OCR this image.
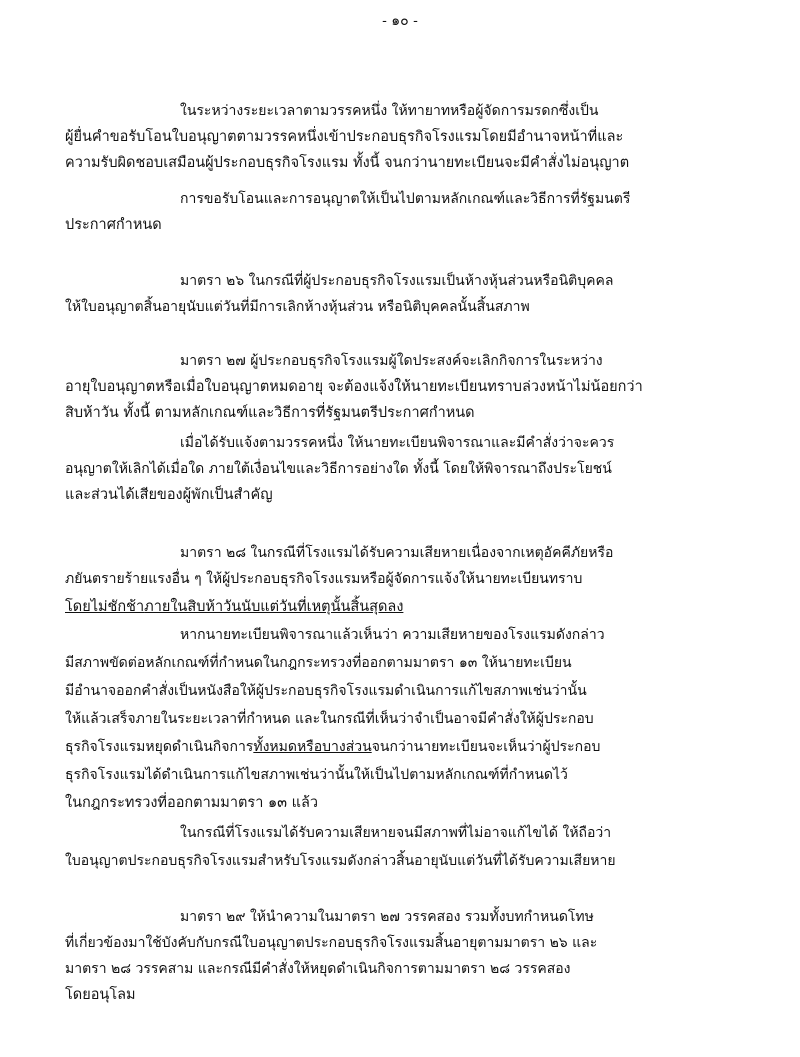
- ๑๐ -
ในระหว่างระยะเวลาตามวรรคหนึ่ง ให้ทายาทหรือผู้จัดการมรดกซึ่งเป็น
ผู้ยื่นคำขอรับโอนใบอนุญาตตามวรรคหนึ่งเข้าประกอบธุรกิจโรงแรมโดยมีอำนาจหน้าที่และ
ความรับผิดชอบเสมือนผู้ประกอบธุรกิจโรงแรม ทั้งนี้ จนกว่านายทะเบียนจะมีคำสั่งไม่อนุญาต
การขอรับโอนและการอนุญาตให้เป็นไปตามหลักเกณฑ์และวิธีการที่รัฐมนตรี
ประกาศกำหนด
มาตรา ๒๖ ในกรณีที่ผู้ประกอบธุรกิจโรงแรมเป็นห้างหุ้นส่วนหรือนิติบุคคล
ให้ใบอนุญาตสิ้นอายุนับแต่วันที่มีการเลิกห้างหุ้นส่วน หรือนิติบุคคลนั้นสิ้นสภาพ
มาตรา ๒๗ ผู้ประกอบธุรกิจโรงแรมผู้ใดประสงค์จะเลิกกิจการในระหว่าง
อายุใบอนุญาตหรือเมื่อใบอนุญาตหมดอายุ จะต้องแจ้งให้นายทะเบียนทราบล่วงหน้าไม่น้อยกว่า
สิบห้าวัน ทั้งนี้ ตามหลักเกณฑ์และวิธีการที่รัฐมนตรีประกาศกำหนด
เมื่อได้รับแจ้งตามวรรคหนึ่ง ให้นายทะเบียนพิจารณาและมีคำสั่งว่าจะควร
อนุญาตให้เลิกได้เมื่อใด ภายใต้เงื่อนไขและวิธีการอย่างใด ทั้งนี้ โดยให้พิจารณาถึงประโยชน์
และส่วนได้เสียของผู้พักเป็นสำคัญ
มาตรา ๒๘ ในกรณีที่โรงแรมได้รับความเสียหายเนื่องจากเหตุอัคคีภัยหรือ
ภยันตรายร้ายแรงอื่น ๆ ให้ผู้ประกอบธุรกิจโรงแรมหรือผู้จัดการแจ้งให้นายทะเบียนทราบ
โดยไม่ชักช้าภายในสิบห้าวันนับแต่วันที่เหตุนั้นสิ้นสุดลง
หากนายทะเบียนพิจารณาแล้วเห็นว่า ความเสียหายของโรงแรมดังกล่าว
มีสภาพขัดต่อหลักเกณฑ์ที่กำหนดในกฎกระทรวงที่ออกตามมาตรา ๑๓ ให้นายทะเบียน
มีอำนาจออกคำสั่งเป็นหนังสือให้ผู้ประกอบธุรกิจโรงแรมดำเนินการแก้ไขสภาพเช่นว่านั้น
ให้แล้วเสร็จภายในระยะเวลาที่กำหนด และในกรณีที่เห็นว่าจำเป็นอาจมีคำสั่งให้ผู้ประกอบ
ธุรกิจโรงแรมหยุดดำเนินกิจการทั้งหมดหรือบางส่วนจนกว่านายทะเบียนจะเห็นว่าผู้ประกอบ
ธุรกิจโรงแรมได้ดำเนินการแก้ไขสภาพเช่นว่านั้นให้เป็นไปตามหลักเกณฑ์ที่กำหนดไว้
ในกฎกระทรวงที่ออกตามมาตรา ๑๓ แล้ว
ในกรณีที่โรงแรมได้รับความเสียหายจนมีสภาพที่ไม่อาจแก้ไขได้ ให้ถือว่า
ใบอนุญาตประกอบธุรกิจโรงแรมสำหรับโรงแรมดังกล่าวสิ้นอายุนับแต่วันที่ได้รับความเสียหาย
มาตรา ๒๙ ให้นำความในมาตรา ๒๗ วรรคสอง รวมทั้งบทกำหนดโทษ
ที่เกี่ยวข้องมาใช้บังคับกับกรณีใบอนุญาตประกอบธุรกิจโรงแรมสิ้นอายุตามมาตรา ๒๖ และ
มาตรา ๒๘ วรรคสาม และกรณีมีคำสั่งให้หยุดดำเนินกิจการตามมาตรา ๒๘ วรรคสอง
โดยอนุโลม
